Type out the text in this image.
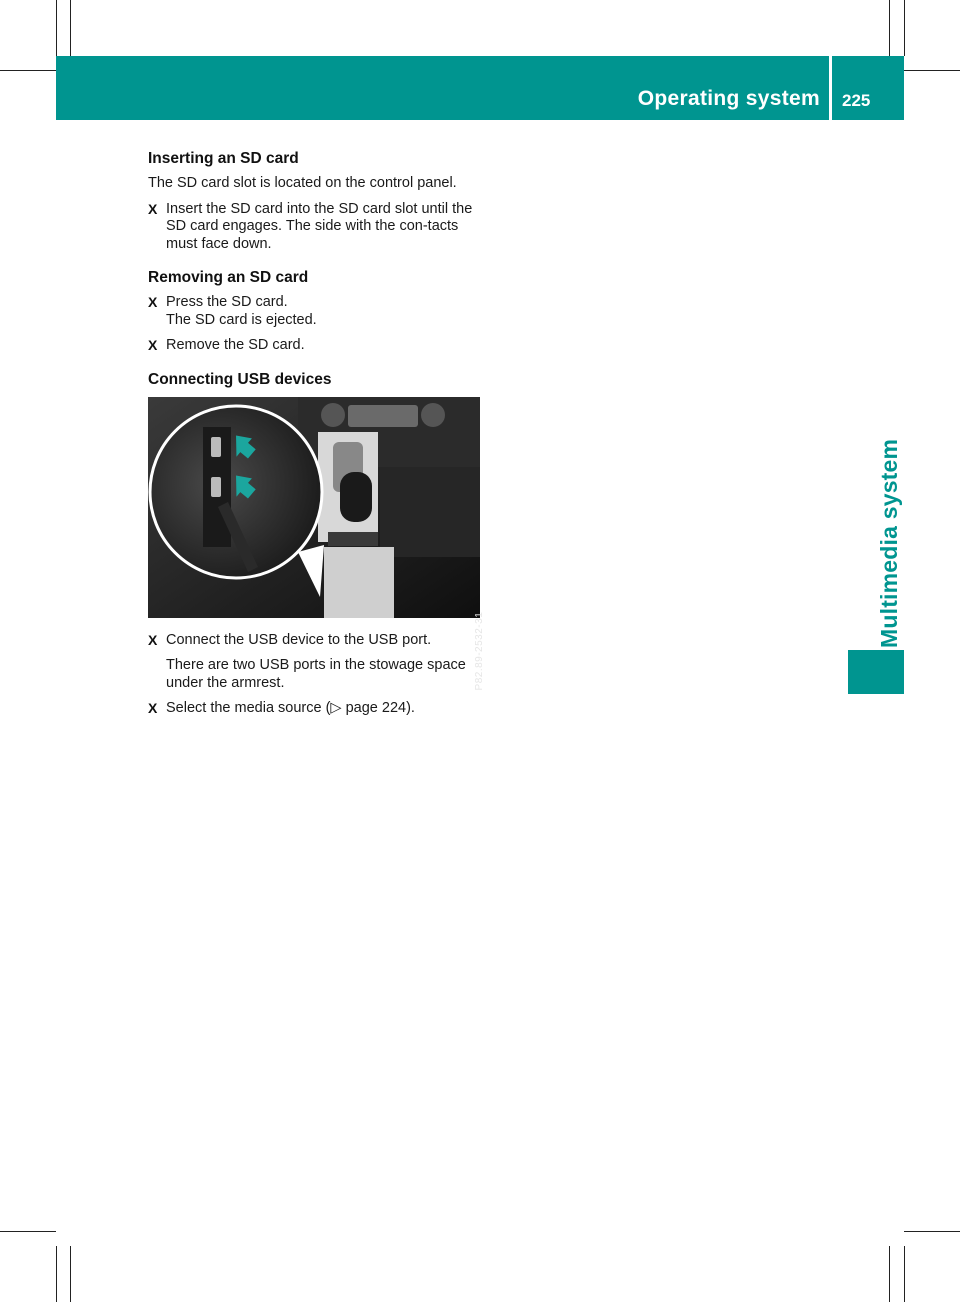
Operating system 225
Multimedia system
Inserting an SD card
The SD card slot is located on the control panel.
X Insert the SD card into the SD card slot until the SD card engages. The side with the con-tacts must face down.
Removing an SD card
X Press the SD card.
The SD card is ejected.
X Remove the SD card.
Connecting USB devices
P82.89-2532-31
X Connect the USB device to the USB port.
There are two USB ports in the stowage space under the armrest.
X Select the media source (▷ page 224).
